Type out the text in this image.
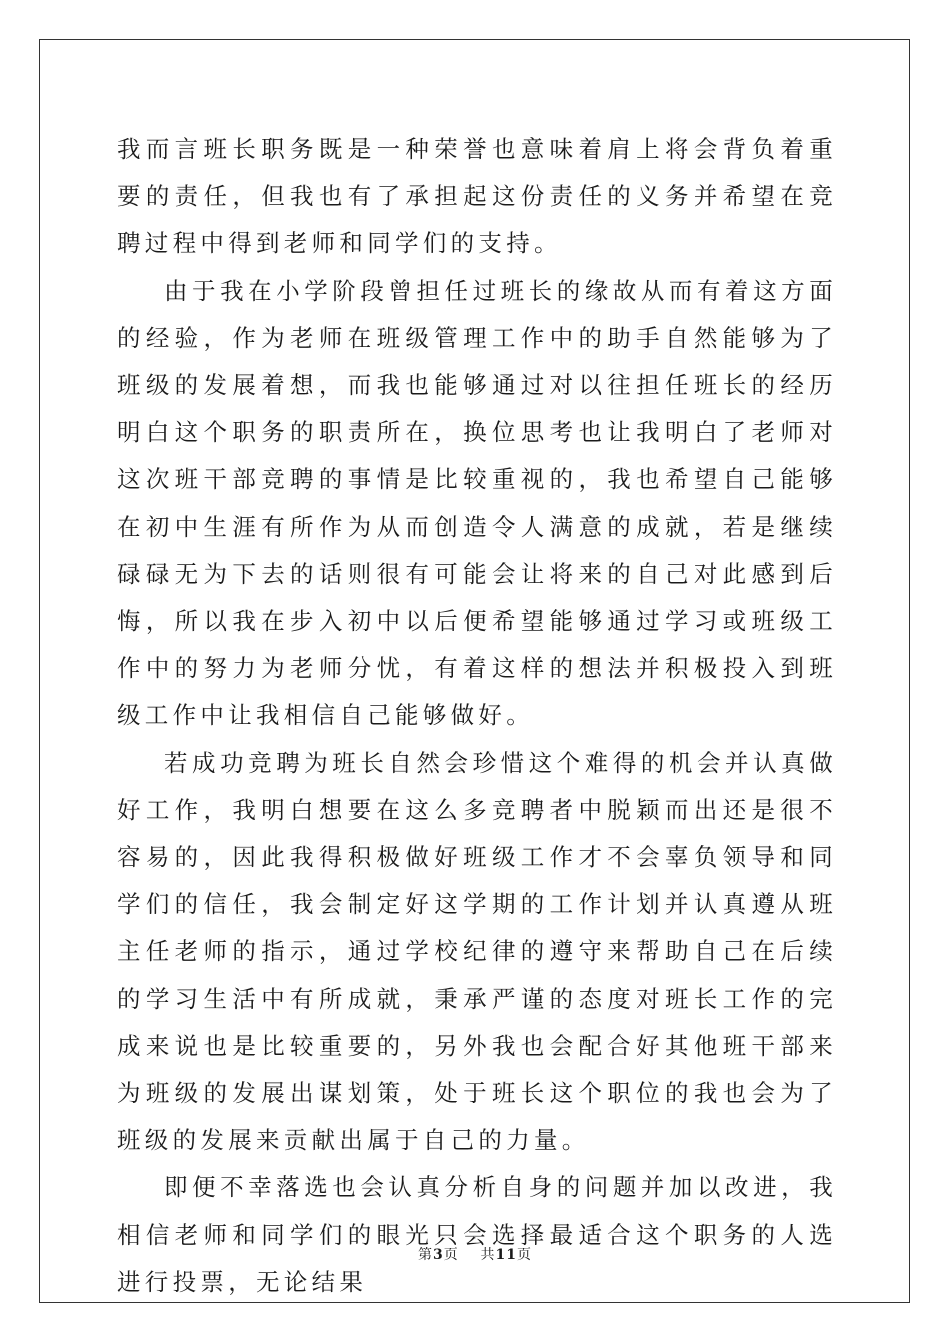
我而言班长职务既是一种荣誉也意味着肩上将会背负着重要的责任，但我也有了承担起这份责任的义务并希望在竞聘过程中得到老师和同学们的支持。

由于我在小学阶段曾担任过班长的缘故从而有着这方面的经验，作为老师在班级管理工作中的助手自然能够为了班级的发展着想，而我也能够通过对以往担任班长的经历明白这个职务的职责所在，换位思考也让我明白了老师对这次班干部竞聘的事情是比较重视的，我也希望自己能够在初中生涯有所作为从而创造令人满意的成就，若是继续碌碌无为下去的话则很有可能会让将来的自己对此感到后悔，所以我在步入初中以后便希望能够通过学习或班级工作中的努力为老师分忧，有着这样的想法并积极投入到班级工作中让我相信自己能够做好。

若成功竞聘为班长自然会珍惜这个难得的机会并认真做好工作，我明白想要在这么多竞聘者中脱颖而出还是很不容易的，因此我得积极做好班级工作才不会辜负领导和同学们的信任，我会制定好这学期的工作计划并认真遵从班主任老师的指示，通过学校纪律的遵守来帮助自己在后续的学习生活中有所成就，秉承严谨的态度对班长工作的完成来说也是比较重要的，另外我也会配合好其他班干部来为班级的发展出谋划策，处于班长这个职位的我也会为了班级的发展来贡献出属于自己的力量。

即便不幸落选也会认真分析自身的问题并加以改进，我相信老师和同学们的眼光只会选择最适合这个职务的人选进行投票，无论结果

第3页 共11页
